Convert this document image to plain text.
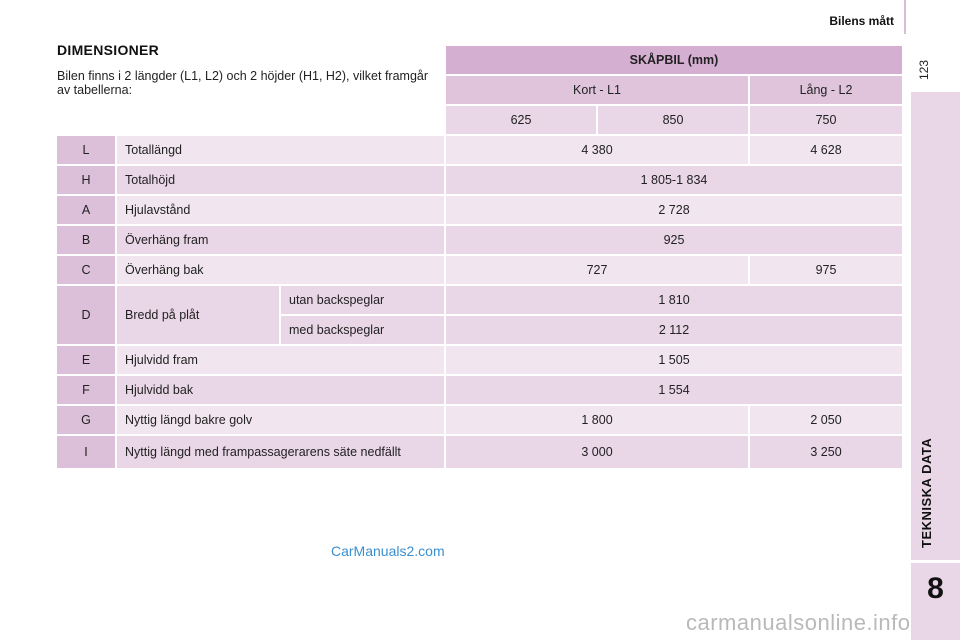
Bilens mått
123
TEKNISKA DATA
8
DIMENSIONER
Bilen finns i 2 längder (L1, L2) och 2 höjder (H1, H2), vilket framgår av tabellerna:
SKÅPBIL (mm)
Kort - L1	Lång - L2
625	850	750
L	Totallängd	4 380	4 628
H	Totalhöjd	1 805-1 834
A	Hjulavstånd	2 728
B	Överhäng fram	925
C	Överhäng bak	727	975
D	Bredd på plåt
utan backspeglar	1 810
med backspeglar	2 112
E	Hjulvidd fram	1 505
F	Hjulvidd bak	1 554
G	Nyttig längd bakre golv	1 800	2 050
I	Nyttig längd med frampassagerarens säte nedfällt	3 000	3 250
CarManuals2.com
carmanualsonline.info
